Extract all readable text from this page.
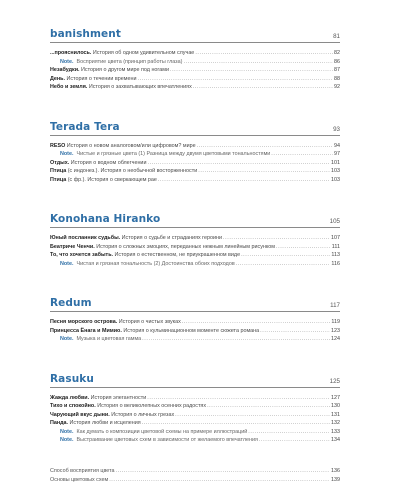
banishment	81
...прояснилось. История об одном удивительном случае .....	82
Note. Восприятие цвета (принцип работы глаза) .....	86
Незабудки. История о другом мире под ногами .....	87
День. История о течении времени .....	88
Небо и земля. История о захватывающих впечатлениях .....	92
Terada Tera	93
RESO История о новом аналоговом/или цифровом? мире .....	94
Note. Чистые и грязные цвета (1) Разница между двумя цветовыми тональностями .....	97
Отдых. История о водном облегчении .....	101
Птица (с индонез.). История о необычной восторженности .....	103
Птица (с фр.). История о сверкающем рае .....	103
Konohana Hiranko	105
Юный посланник судьбы. История о судьбе и страданиях героини .....	107
Беатриче Ченчи. История о сложных эмоциях, переданных нежным линейным рисунком .....	111
То, что хочется забыть. История о естественном, не приукрашенном виде .....	113
Note. Чистая и грязная тональность (2) Достоинства обоих подходов .....	116
Redum	117
Песня морского острова. История о чистых звуках .....	119
Принцесса Ёнага и Мимио. История о кульминационном моменте сюжета романа .....	123
Note. Музыка и цветовая гамма .....	124
Rasuku	125
Жажда любви. История элегантности .....	127
Тихо и спокойно. История о великолепных осенних радостях .....	130
Чарующий вкус дыни. История о личных грезах .....	131
Панда. История любви и исцеления .....	132
Note. Как думать о композиции цветовой схемы на примере иллюстраций .....	133
Note. Выстраивание цветовых схем в зависимости от желаемого впечатления .....	134
Способ восприятия цвета .....	136
Основы цветовых схем .....	139
